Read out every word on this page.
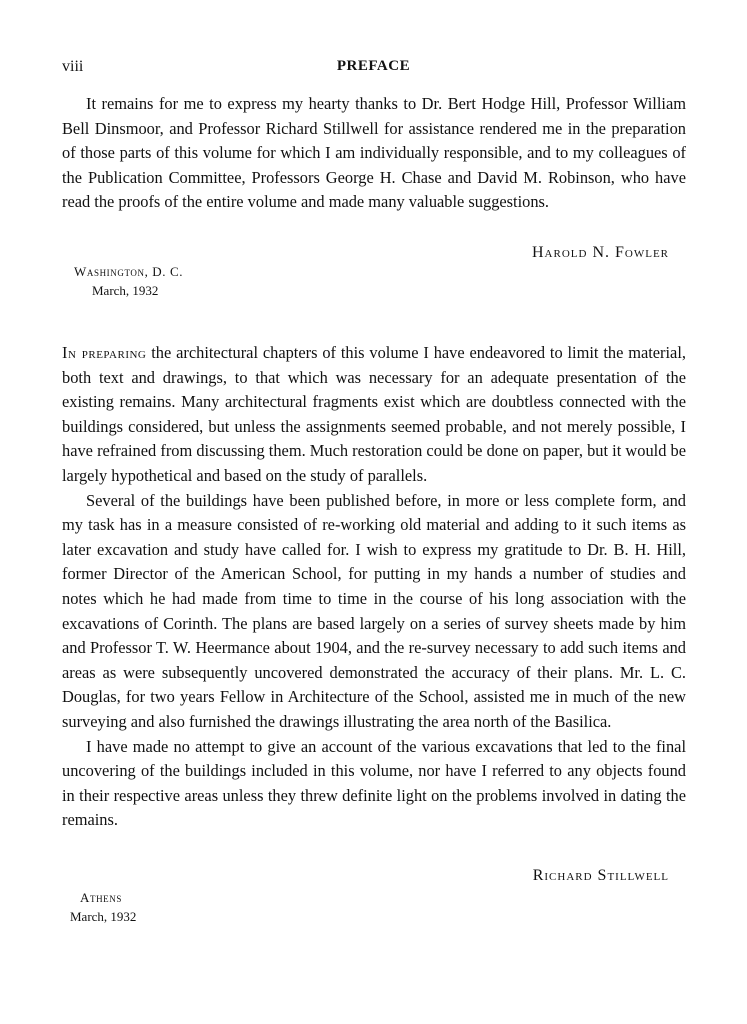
viii	PREFACE

It remains for me to express my hearty thanks to Dr. Bert Hodge Hill, Professor William Bell Dinsmoor, and Professor Richard Stillwell for assistance rendered me in the preparation of those parts of this volume for which I am individually responsible, and to my colleagues of the Publication Committee, Professors George H. Chase and David M. Robinson, who have read the proofs of the entire volume and made many valuable suggestions.

Harold N. Fowler
Washington, D. C.
March, 1932

In preparing the architectural chapters of this volume I have endeavored to limit the material, both text and drawings, to that which was necessary for an adequate presentation of the existing remains. Many architectural fragments exist which are doubtless connected with the buildings considered, but unless the assignments seemed probable, and not merely possible, I have refrained from discussing them. Much restoration could be done on paper, but it would be largely hypothetical and based on the study of parallels.

Several of the buildings have been published before, in more or less complete form, and my task has in a measure consisted of re-working old material and adding to it such items as later excavation and study have called for. I wish to express my gratitude to Dr. B. H. Hill, former Director of the American School, for putting in my hands a number of studies and notes which he had made from time to time in the course of his long association with the excavations of Corinth. The plans are based largely on a series of survey sheets made by him and Professor T. W. Heermance about 1904, and the re-survey necessary to add such items and areas as were subsequently uncovered demonstrated the accuracy of their plans. Mr. L. C. Douglas, for two years Fellow in Architecture of the School, assisted me in much of the new surveying and also furnished the drawings illustrating the area north of the Basilica.

I have made no attempt to give an account of the various excavations that led to the final uncovering of the buildings included in this volume, nor have I referred to any objects found in their respective areas unless they threw definite light on the problems involved in dating the remains.

Richard Stillwell
Athens
March, 1932
